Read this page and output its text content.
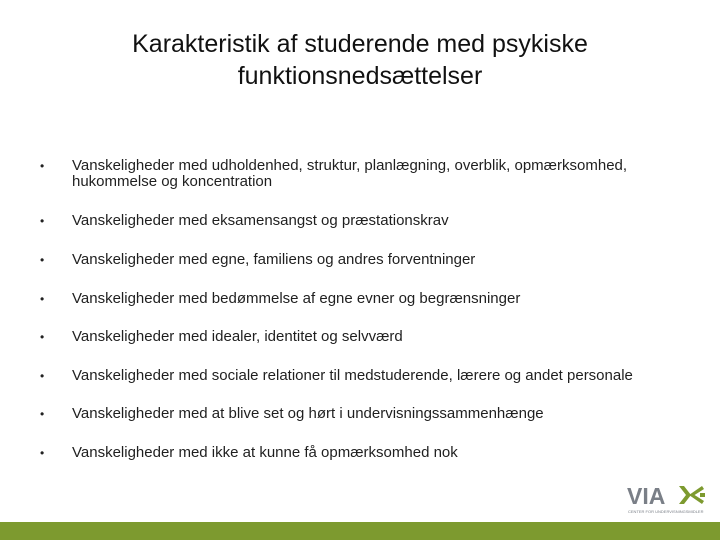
Karakteristik af studerende med psykiske
funktionsnedsættelser
•	Vanskeligheder med udholdenhed, struktur, planlægning, overblik, opmærksomhed,
hukommelse og koncentration
•	Vanskeligheder med eksamensangst og præstationskrav
•	Vanskeligheder med egne, familiens og andres forventninger
•	Vanskeligheder med bedømmelse af egne evner og begrænsninger
•	Vanskeligheder med idealer, identitet og selvværd
•	Vanskeligheder med sociale relationer til medstuderende, lærere og andet personale
•	Vanskeligheder med at blive set og hørt i undervisningssammenhænge
•	Vanskeligheder med ikke at kunne få opmærksomhed nok
VIA
CENTER FOR UNDERVISNINGSMIDLER
